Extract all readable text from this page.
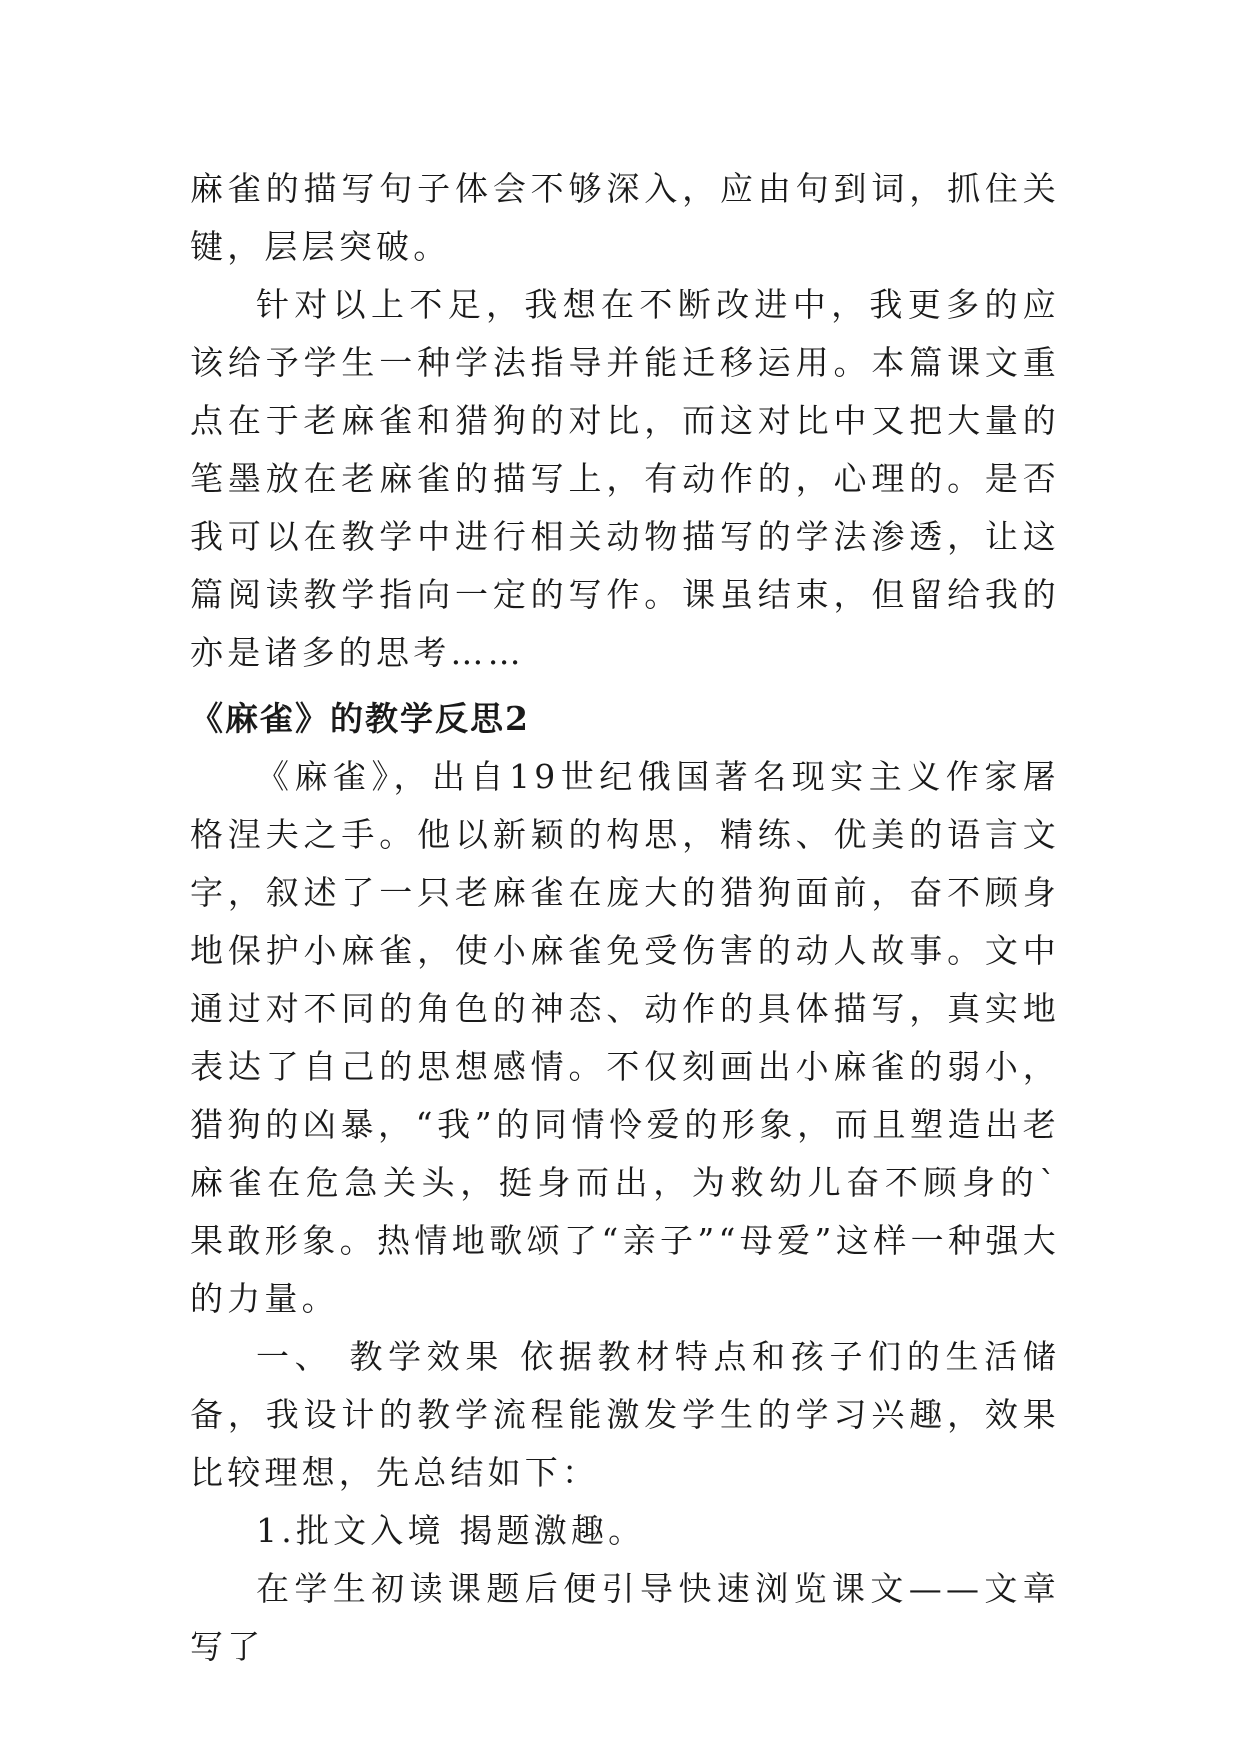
麻雀的描写句子体会不够深入，应由句到词，抓住关键，层层突破。

针对以上不足，我想在不断改进中，我更多的应该给予学生一种学法指导并能迁移运用。本篇课文重点在于老麻雀和猎狗的对比，而这对比中又把大量的笔墨放在老麻雀的描写上，有动作的，心理的。是否我可以在教学中进行相关动物描写的学法渗透，让这篇阅读教学指向一定的写作。课虽结束，但留给我的亦是诸多的思考……

《麻雀》的教学反思2

《麻雀》，出自19世纪俄国著名现实主义作家屠格涅夫之手。他以新颖的构思，精练、优美的语言文字，叙述了一只老麻雀在庞大的猎狗面前，奋不顾身地保护小麻雀，使小麻雀免受伤害的动人故事。文中通过对不同的角色的神态、动作的具体描写，真实地表达了自己的思想感情。不仅刻画出小麻雀的弱小，猎狗的凶暴，“我”的同情怜爱的形象，而且塑造出老麻雀在危急关头，挺身而出，为救幼儿奋不顾身的`果敢形象。热情地歌颂了“亲子”“母爱”这样一种强大的力量。

一、 教学效果 依据教材特点和孩子们的生活储备，我设计的教学流程能激发学生的学习兴趣，效果比较理想，先总结如下：

1.批文入境 揭题激趣。

在学生初读课题后便引导快速浏览课文——文章写了
